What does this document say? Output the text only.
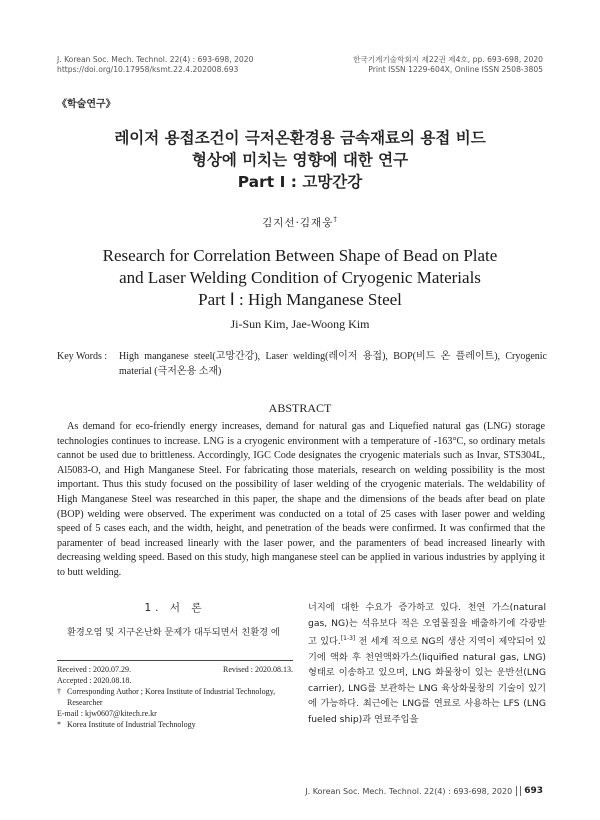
J. Korean Soc. Mech. Technol. 22(4) : 693-698, 2020
https://doi.org/10.17958/ksmt.22.4.202008.693
한국기계기술학회지 제22권 제4호, pp. 693-698, 2020
Print ISSN 1229-604X, Online ISSN 2508-3805
《학술연구》
레이저 용접조건이 극저온환경용 금속재료의 용접 비드
형상에 미치는 영향에 대한 연구
Part Ⅰ : 고망간강
김지선·김재웅†
Research for Correlation Between Shape of Bead on Plate
and Laser Welding Condition of Cryogenic Materials
Part Ⅰ : High Manganese Steel
Ji-Sun Kim, Jae-Woong Kim
Key Words :	High manganese steel(고망간강), Laser welding(레이저 용접), BOP(비드 온 플레이트), Cryogenic material (극저온용 소재)
ABSTRACT

As demand for eco-friendly energy increases, demand for natural gas and Liquefied natural gas (LNG) storage technologies continues to increase. LNG is a cryogenic environment with a temperature of -163°C, so ordinary metals cannot be used due to brittleness. Accordingly, IGC Code designates the cryogenic materials such as Invar, STS304L, Al5083-O, and High Manganese Steel. For fabricating those materials, research on welding possibility is the most important. Thus this study focused on the possibility of laser welding of the cryogenic materials. The weldability of High Manganese Steel was researched in this paper, the shape and the dimensions of the beads after bead on plate (BOP) welding were observed. The experiment was conducted on a total of 25 cases with laser power and welding speed of 5 cases each, and the width, height, and penetration of the beads were confirmed. It was confirmed that the paramenter of bead increased linearly with the laser power, and the paramenters of bead increased linearly with decreasing welding speed. Based on this study, high manganese steel can be applied in various industries by applying it to butt welding.

1. 서 론

환경오염 및 지구온난화 문제가 대두되면서 친환경 에

Received : 2020.07.29.	Revised : 2020.08.13.
Accepted : 2020.08.18.
† Corresponding Author ; Korea Institute of Industrial Technology, Researcher
E-mail : kjw0607@kitech.re.kr
* Korea Institute of Industrial Technology

너지에 대한 수요가 증가하고 있다. 천연 가스(natural gas, NG)는 석유보다 적은 오염물질을 배출하기에 각광받고 있다.[1-3] 전 세계 적으로 NG의 생산 지역이 제약되어 있기에 액화 후 천연액화가스(liquified natural gas, LNG) 형태로 이송하고 있으며, LNG 화물창이 있는 운반선(LNG carrier), LNG를 보관하는 LNG 육상화물창의 기술이 있기에 가능하다. 최근에는 LNG를 연료로 사용하는 LFS (LNG fueled ship)과 연료주입을

J. Korean Soc. Mech. Technol. 22(4) : 693-698, 2020 693
